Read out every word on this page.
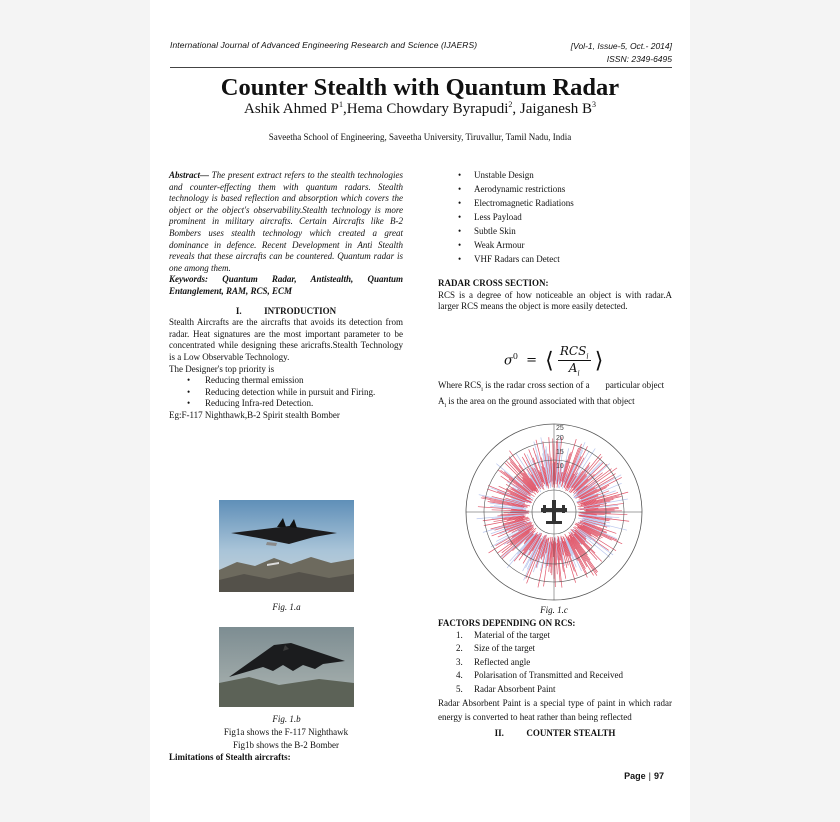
International Journal of Advanced Engineering Research and Science (IJAERS)	[Vol-1, Issue-5, Oct.- 2014]
ISSN: 2349-6495
Counter Stealth with Quantum Radar
Ashik Ahmed $P^1,Hema$ Chowdary Byrapudi$^2$, Jaiganesh $B^3$
Saveetha School of Engineering, Saveetha University, Tiruvallur, Tamil Nadu, India
Abstract— The present extract refers to the stealth technologies and counter-effecting them with quantum radars. Stealth technology is based reflection and absorption which covers the object or the object's observability.Stealth technology is more prominent in military aircrafts. Certain Aircrafts like B-2 Bombers uses stealth technology which created a great dominance in defence. Recent Development in Anti Stealth reveals that these aircrafts can be countered. Quantum radar is one among them.
Keywords: Quantum Radar, Antistealth, Quantum Entanglement, RAM, RCS, ECM
I.          INTRODUCTION
Stealth Aircrafts are the aircrafts that avoids its detection from radar. Heat signatures are the most important parameter to be concentrated while designing these aricrafts.Stealth Technology is a Low Observable Technology.
The Designer's top priority is
• Reducing thermal emission
• Reducing detection while in pursuit and Firing.
• Reducing Infra-red Detection.
Eg:F-117 Nighthawk,B-2 Spirit stealth Bomber
Fig. 1.a
Fig. 1.b
Fig1a shows the F-117 Nighthawk
Fig1b shows the B-2 Bomber
Limitations of Stealth aircrafts:
• Unstable Design
• Aerodynamic restrictions
• Electromagnetic Radiations
• Less Payload
• Subtle Skin
• Weak Armour
• VHF Radars can Detect
RADAR CROSS SECTION:
RCS is a degree of how noticeable an object is with radar.A larger RCS means the object is more easily detected.
$\sigma^0$ = ⟨ $RCS_i$
$A_i$
⟩
Where $RCS_i$ is the radar cross section of a       particular object
$A_i$ is the area on the ground associated with that object
25
20
15
10
Fig. 1.c
FACTORS DEPENDING ON RCS:
1. Material of the target
2. Size of the target
3. Reflected angle
4. Polarisation of Transmitted and Received
5. Radar Absorbent Paint
Radar Absorbent Paint is a special type of paint in which radar energy is converted to heat rather than being reflected
II.          COUNTER STEALTH
Page | 97
